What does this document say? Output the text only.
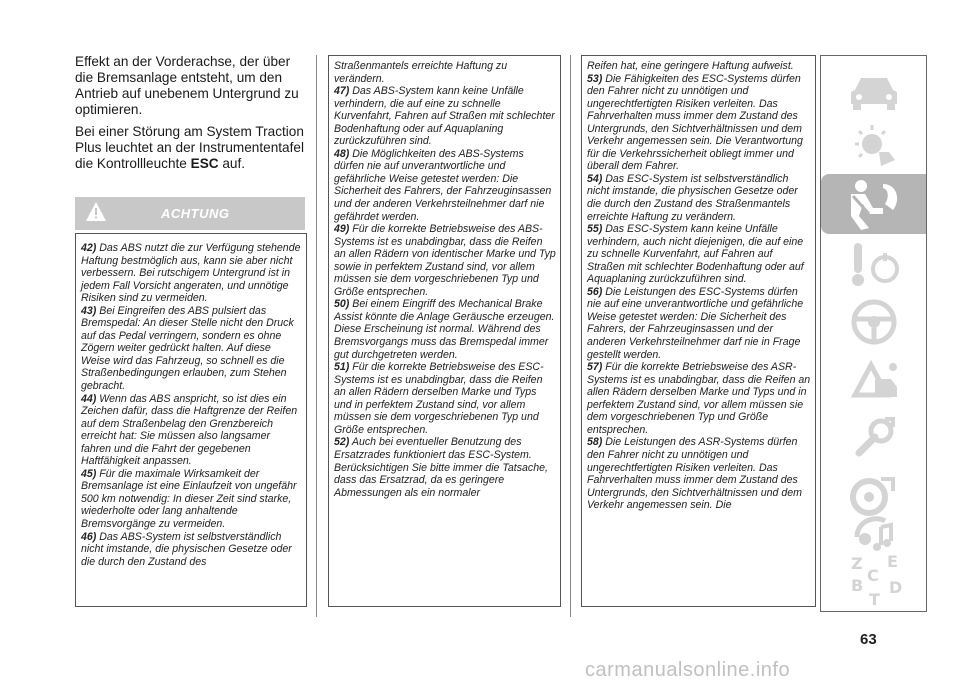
Effekt an der Vorderachse, der über die Bremsanlage entsteht, um den Antrieb auf unebenem Untergrund zu optimieren.

Bei einer Störung am System Traction Plus leuchtet an der Instrumententafel die Kontrollleuchte ESC auf.

ACHTUNG

42) Das ABS nutzt die zur Verfügung stehende Haftung bestmöglich aus, kann sie aber nicht verbessern. Bei rutschigem Untergrund ist in jedem Fall Vorsicht angeraten, und unnötige Risiken sind zu vermeiden.

43) Bei Eingreifen des ABS pulsiert das Bremspedal: An dieser Stelle nicht den Druck auf das Pedal verringern, sondern es ohne Zögern weiter gedrückt halten. Auf diese Weise wird das Fahrzeug, so schnell es die Straßenbedingungen erlauben, zum Stehen gebracht.

44) Wenn das ABS anspricht, so ist dies ein Zeichen dafür, dass die Haftgrenze der Reifen auf dem Straßenbelag den Grenzbereich erreicht hat: Sie müssen also langsamer fahren und die Fahrt der gegebenen Haftfähigkeit anpassen.

45) Für die maximale Wirksamkeit der Bremsanlage ist eine Einlaufzeit von ungefähr 500 km notwendig: In dieser Zeit sind starke, wiederholte oder lang anhaltende Bremsvorgänge zu vermeiden.

46) Das ABS-System ist selbstverständlich nicht imstande, die physischen Gesetze oder die durch den Zustand des

Straßenmantels erreichte Haftung zu verändern.

47) Das ABS-System kann keine Unfälle verhindern, die auf eine zu schnelle Kurvenfahrt, Fahren auf Straßen mit schlechter Bodenhaftung oder auf Aquaplaning zurückzuführen sind.

48) Die Möglichkeiten des ABS-Systems dürfen nie auf unverantwortliche und gefährliche Weise getestet werden: Die Sicherheit des Fahrers, der Fahrzeuginsassen und der anderen Verkehrsteilnehmer darf nie gefährdet werden.

49) Für die korrekte Betriebsweise des ABS-Systems ist es unabdingbar, dass die Reifen an allen Rädern von identischer Marke und Typ sowie in perfektem Zustand sind, vor allem müssen sie dem vorgeschriebenen Typ und Größe entsprechen.

50) Bei einem Eingriff des Mechanical Brake Assist könnte die Anlage Geräusche erzeugen. Diese Erscheinung ist normal. Während des Bremsvorgangs muss das Bremspedal immer gut durchgetreten werden.

51) Für die korrekte Betriebsweise des ESC-Systems ist es unabdingbar, dass die Reifen an allen Rädern derselben Marke und Typs und in perfektem Zustand sind, vor allem müssen sie dem vorgeschriebenen Typ und Größe entsprechen.

52) Auch bei eventueller Benutzung des Ersatzrades funktioniert das ESC-System. Berücksichtigen Sie bitte immer die Tatsache, dass das Ersatzrad, da es geringere Abmessungen als ein normaler

Reifen hat, eine geringere Haftung aufweist.

53) Die Fähigkeiten des ESC-Systems dürfen den Fahrer nicht zu unnötigen und ungerechtfertigten Risiken verleiten. Das Fahrverhalten muss immer dem Zustand des Untergrunds, den Sichtverhältnissen und dem Verkehr angemessen sein. Die Verantwortung für die Verkehrssicherheit obliegt immer und überall dem Fahrer.

54) Das ESC-System ist selbstverständlich nicht imstande, die physischen Gesetze oder die durch den Zustand des Straßenmantels erreichte Haftung zu verändern.

55) Das ESC-System kann keine Unfälle verhindern, auch nicht diejenigen, die auf eine zu schnelle Kurvenfahrt, auf Fahren auf Straßen mit schlechter Bodenhaftung oder auf Aquaplaning zurückzuführen sind.

56) Die Leistungen des ESC-Systems dürfen nie auf eine unverantwortliche und gefährliche Weise getestet werden: Die Sicherheit des Fahrers, der Fahrzeuginsassen und der anderen Verkehrsteilnehmer darf nie in Frage gestellt werden.

57) Für die korrekte Betriebsweise des ASR-Systems ist es unabdingbar, dass die Reifen an allen Rädern derselben Marke und Typs und in perfektem Zustand sind, vor allem müssen sie dem vorgeschriebenen Typ und Größe entsprechen.

58) Die Leistungen des ASR-Systems dürfen den Fahrer nicht zu unnötigen und ungerechtfertigten Risiken verleiten. Das Fahrverhalten muss immer dem Zustand des Untergrunds, den Sichtverhältnissen und dem Verkehr angemessen sein. Die

Z E
B
C
T
D
63
carmanualsonline.info
